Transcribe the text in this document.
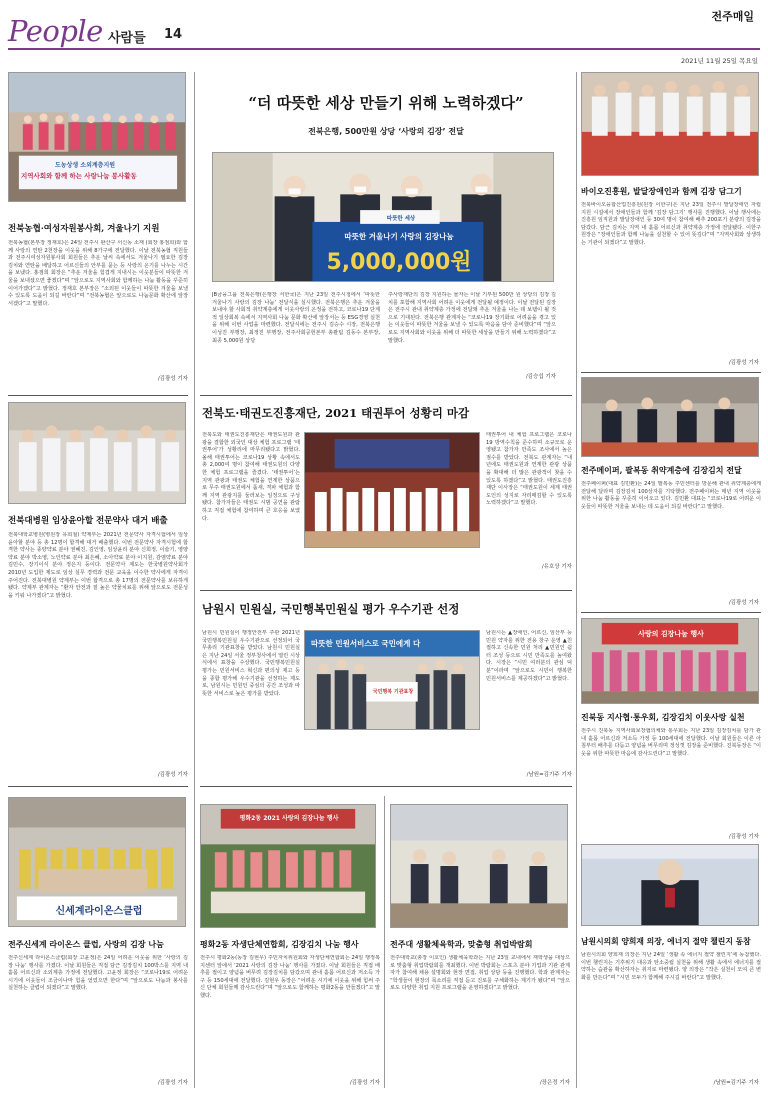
People 사람들 14
전주매일
2021년 11월 25일 목요일
도농상생 소외계층지원
지역사회와 함께 하는 사랑나눔 봉사활동
전북농협·여성자원봉사회, 겨울나기 지원
전북농협(본부장 정재호)은 24일 전주시 완산구 서신동 소재 (회장 홍점희)와 함께 사랑의 연탄 2천장을 이웃을 위해 8가구에 전달했다. 이날 전북농협 직원들과 전주시여성자원봉사회 회원들은 추운 날씨 속에서도 겨울나기 필요한 김장 김치와 연탄을 배달하고 어르신들의 안부를 묻는 등 사랑의 온기를 나누는 시간을 보냈다. 홍점희 회장은 “추운 겨울을 힘겹게 지내시는 이웃분들이 따뜻한 겨울을 보내셨으면 좋겠다”며 “앞으로도 지역사회와 함께하는 나눔 활동을 꾸준히 이어가겠다”고 밝혔다. 정재호 본부장은 “소외된 이웃들이 따뜻한 겨울을 보낼 수 있도록 도움이 되길 바란다”며 “전북농협은 앞으로도 나눔문화 확산에 앞장서겠다”고 말했다.
/김광성 기자
전북대병원 임상윤아할 전문약사 대거 배출
전북대학교병원(병원장 유희철) 약제부는 2021년 전문약사 자격시험에서 임상윤아할 분야 등 총 12명이 합격해 대거 배출했다. 이번 전문약사 자격시험에 합격한 약사는 종양약료 분야 권혜진, 김인영, 임상윤리 분야 신희정, 이슬기, 영양약료 분야 박소영, 노인약료 분야 최은혜, 소아약료 분야 이지원, 감염약료 분야 김민수, 장기이식 분야 정은지 등이다. 전문약사 제도는 한국병원약사회가 2010년 도입한 제도로 임상 실무 경력과 전문 교육을 이수한 약사에게 자격이 주어진다. 전북대병원 약제부는 이번 합격으로 총 17명의 전문약사를 보유하게 됐다. 약제부 관계자는 “환자 안전과 질 높은 약물치료를 위해 앞으로도 전문성을 키워 나가겠다”고 밝혔다.
/김광성 기자
신세계라이온스클럽
전주신세계 라이온스 클럽, 사랑의 김장 나눔
전주신세계 라이온스클럽(회장 고윤정)은 24일 어려운 이웃을 위한 ‘사랑의 김장 나눔’ 행사를 가졌다. 이날 회원들은 직접 담근 김장김치 100박스를 지역 내 홀몸 어르신과 소외계층 가정에 전달했다. 고윤정 회장은 “코로나19로 어려운 시기에 이웃들이 조금이나마 힘을 얻었으면 한다”며 “앞으로도 나눔과 봉사를 실천하는 클럽이 되겠다”고 말했다.
/김광성 기자
“더 따뜻한 세상 만들기 위해 노력하겠다”
전북은행, 500만원 상당 ‘사랑의 김장’ 전달
따뜻한 세상
따뜻한 겨울나기 사랑의 김장나눔
5,000,000원
JB금융그룹 전북은행(은행장 서한국)은 지난 23일 전주시청에서 ‘따뜻한 겨울나기 사랑의 김장 나눔’ 전달식을 실시했다. 전북은행은 추운 겨울을 보내야 할 사회적 취약계층에게 이웃사랑의 온정을 전하고, 코로나19 단계적 일상회복 속에서 지역사회 나눔 문화 확산에 앞장서는 등 ESG경영 실천을 위해 이번 사업을 마련했다. 전달식에는 전주시 김승수 시장, 전북은행 이성진 부행장, 최정진 부행장, 전주사회공헌본부 총괄팀 김동수 본부장, 최종 5,000원 상당
주사랑재단의 김장 지원하는 물자는 이날 기부된 500만 원 상당의 김장 김치를 포함해 지역사회 어려운 이웃에게 전달될 예정이다. 이날 전달된 김장은 전주시 관내 취약계층 가정에 전달돼 추운 겨울을 나는 데 보탬이 될 것으로 기대된다. 전북은행 관계자는 “코로나19 장기화로 어려움을 겪고 있는 이웃들이 따뜻한 겨울을 보낼 수 있도록 마음을 담아 준비했다”며 “앞으로도 지역사회와 이웃을 위해 더 따뜻한 세상을 만들기 위해 노력하겠다”고 말했다.
/김승섭 기자
전북도·태권도진흥재단, 2021 태권투어 성황리 마감
전북도와 태권도진흥재단은 태권도원과 관광을 결합한 외국인 대상 체험 프로그램 ‘태권투어’가 성황리에 마무리됐다고 밝혔다. 올해 태권투어는 코로나19 상황 속에서도 총 2,000여 명이 참여해 태권도원의 다양한 체험 프로그램을 즐겼다. ‘태권투어’는 지역 관광과 태권도 체험을 연계한 상품으로 무주 태권도원에서 품새, 격파 체험과 함께 지역 관광지를 둘러보는 일정으로 구성됐다. 참가자들은 태권도 시범 공연을 관람하고 직접 체험에 참여하며 큰 호응을 보였다.
태권투어 내 체험 프로그램은 코로나19 방역수칙을 준수하며 소규모로 운영됐고 참가자 만족도 조사에서 높은 점수를 받았다. 전북도 관계자는 “내년에도 태권도원과 연계한 관광 상품을 확대해 더 많은 관광객이 찾을 수 있도록 하겠다”고 밝혔다. 태권도진흥재단 이사장은 “태권도원이 세계 태권도인의 성지로 자리매김할 수 있도록 노력하겠다”고 말했다.
/유호상 기자
남원시 민원실, 국민행복민원실 평가 우수기관 선정
남원시 민원실이 행정안전부 주관 2021년 국민행복민원실 우수기관으로 선정되어 국무총리 기관표창을 받았다. 남원시 민원실은 지난 24일 서울 정부청사에서 열린 시상식에서 표창을 수상했다. 국민행복민원실 평가는 민원서비스 혁신과 편의성 제고 등을 종합 평가해 우수기관을 선정하는 제도로, 남원시는 민원인 중심의 공간 조성과 따뜻한 서비스로 높은 평가를 받았다.
따뜻한 민원서비스로 국민에게 다
국민행복 기관표창
남원시는 ▲장애인, 어르신, 임산부 등 민원 약자를 위한 전용 창구 운영 ▲친절하고 신속한 민원 처리 ▲민원인 쉼터 조성 등으로 시민 만족도를 높여왔다. 시장은 “시민 여러분의 관심 덕분”이라며 “앞으로도 시민이 행복한 민원서비스를 제공하겠다”고 밝혔다.
/남원=김기주 기자
평화2동 2021 사랑의 김장나눔 행사
평화2동 자생단체연합회, 김장김치 나눔 행사
전주시 평화2동(동장 김현우) 주민자치위원회와 자생단체연합회는 24일 행정복지센터 앞에서 ‘2021 사랑의 김장 나눔’ 행사를 가졌다. 이날 회원들은 직접 배추를 절이고 양념을 버무려 김장김치를 담갔으며 관내 홀몸 어르신과 저소득 가구 등 150세대에 전달했다. 김현우 동장은 “어려운 시기에 이웃을 위해 힘써 주신 단체 회원들께 감사드린다”며 “앞으로도 함께하는 평화2동을 만들겠다”고 말했다.
/김광성 기자
전주대 생활체육학과, 맞춤형 취업박람회
전주대학교(총장 이호인) 생활체육학과는 지난 23일 교내에서 재학생을 대상으로 맞춤형 취업박람회를 개최했다. 이번 박람회는 스포츠 분야 기업과 기관 관계자가 참여해 채용 설명회와 현장 면접, 취업 상담 등을 진행했다. 학과 관계자는 “학생들이 현장의 목소리를 직접 듣고 진로를 구체화하는 계기가 됐다”며 “앞으로도 다양한 취업 지원 프로그램을 운영하겠다”고 밝혔다.
/장은정 기자
바이오진흥원, 발달장애인과 함께 김장 담그기
전북바이오융합산업진흥원(원장 이한구)은 지난 23일 전주시 발달장애인 자립지원 시설에서 장애인들과 함께 ‘김장 담그기’ 행사를 진행했다. 이날 행사에는 진흥원 임직원과 발달장애인 등 30여 명이 참여해 배추 200포기 분량의 김장을 담갔다. 담근 김치는 지역 내 홀몸 어르신과 취약계층 가정에 전달됐다. 이한구 원장은 “장애인들과 함께 나눔을 실천할 수 있어 뜻깊다”며 “지역사회와 상생하는 기관이 되겠다”고 말했다.
/김광성 기자
전주메이퍼, 팔복동 취약계층에 김장김치 전달
전주페이퍼(대표 김민환)는 24일 팔복동 주민센터를 방문해 관내 취약계층에게 전달해 달라며 김장김치 100상자를 기탁했다. 전주페이퍼는 매년 지역 이웃을 위한 나눔 활동을 꾸준히 이어오고 있다. 김민환 대표는 “코로나19로 어려운 이웃들이 따뜻한 겨울을 보내는 데 도움이 되길 바란다”고 말했다.
/김광성 기자
사랑의 김장나눔 행사
진북동 지사협·통우회, 김장김치 이웃사랑 실천
전주시 진북동 지역사회보장협의체와 통우회는 지난 23일 김장김치를 담가 관내 홀몸 어르신과 저소득 가정 등 100세대에 전달했다. 이날 회원들은 이른 아침부터 배추를 다듬고 양념을 버무리며 정성껏 김장을 준비했다. 진북동장은 “이웃을 위한 따뜻한 마음에 감사드린다”고 말했다.
/김광성 기자
남원시의회 양희재 의장, 에너지 절약 챌린지 동참
남원시의회 양희재 의장은 지난 24일 ‘생활 속 에너지 절약 챌린지’에 동참했다. 이번 챌린지는 기후위기 대응과 탄소중립 실천을 위해 생활 속에서 에너지를 절약하는 습관을 확산하자는 취지로 마련됐다. 양 의장은 “작은 실천이 모여 큰 변화를 만든다”며 “시민 모두가 함께해 주시길 바란다”고 말했다.
/남원=김기주 기자
